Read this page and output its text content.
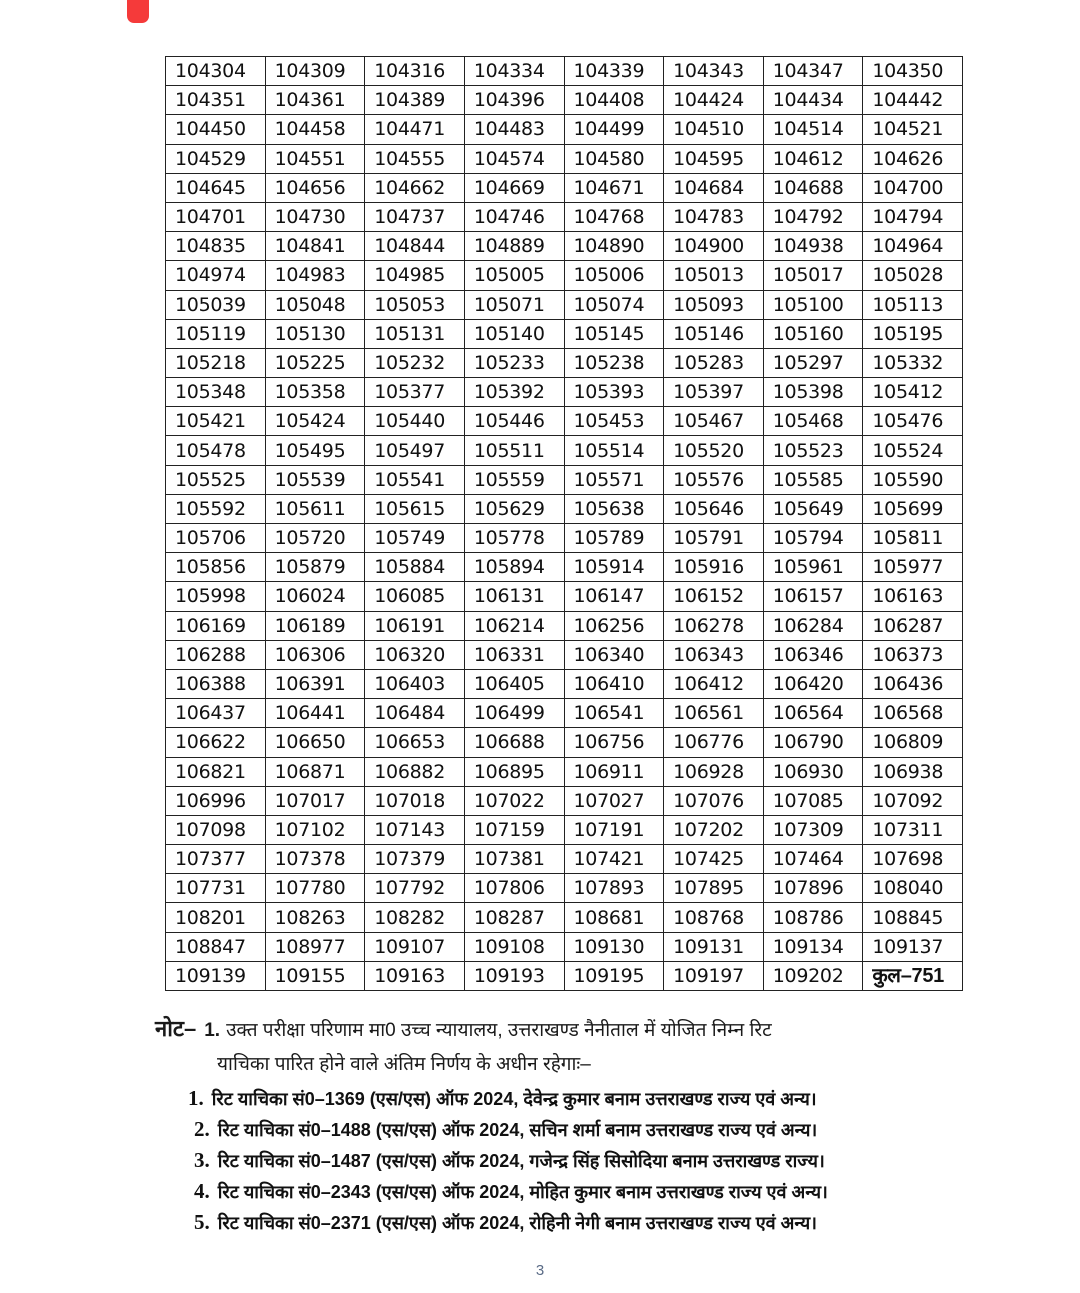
104304	104309	104316	104334	104339	104343	104347	104350
104351	104361	104389	104396	104408	104424	104434	104442
104450	104458	104471	104483	104499	104510	104514	104521
104529	104551	104555	104574	104580	104595	104612	104626
104645	104656	104662	104669	104671	104684	104688	104700
104701	104730	104737	104746	104768	104783	104792	104794
104835	104841	104844	104889	104890	104900	104938	104964
104974	104983	104985	105005	105006	105013	105017	105028
105039	105048	105053	105071	105074	105093	105100	105113
105119	105130	105131	105140	105145	105146	105160	105195
105218	105225	105232	105233	105238	105283	105297	105332
105348	105358	105377	105392	105393	105397	105398	105412
105421	105424	105440	105446	105453	105467	105468	105476
105478	105495	105497	105511	105514	105520	105523	105524
105525	105539	105541	105559	105571	105576	105585	105590
105592	105611	105615	105629	105638	105646	105649	105699
105706	105720	105749	105778	105789	105791	105794	105811
105856	105879	105884	105894	105914	105916	105961	105977
105998	106024	106085	106131	106147	106152	106157	106163
106169	106189	106191	106214	106256	106278	106284	106287
106288	106306	106320	106331	106340	106343	106346	106373
106388	106391	106403	106405	106410	106412	106420	106436
106437	106441	106484	106499	106541	106561	106564	106568
106622	106650	106653	106688	106756	106776	106790	106809
106821	106871	106882	106895	106911	106928	106930	106938
106996	107017	107018	107022	107027	107076	107085	107092
107098	107102	107143	107159	107191	107202	107309	107311
107377	107378	107379	107381	107421	107425	107464	107698
107731	107780	107792	107806	107893	107895	107896	108040
108201	108263	108282	108287	108681	108768	108786	108845
108847	108977	109107	109108	109130	109131	109134	109137
109139	109155	109163	109193	109195	109197	109202	कुल–751
नोट– 1. उक्त परीक्षा परिणाम मा0 उच्च न्यायालय, उत्तराखण्ड नैनीताल में योजित निम्न रिट
याचिका पारित होने वाले अंतिम निर्णय के अधीन रहेगाः–
1. रिट याचिका सं0–1369 (एस/एस) ऑफ 2024, देवेन्द्र कुमार बनाम उत्तराखण्ड राज्य एवं अन्य।
2. रिट याचिका सं0–1488 (एस/एस) ऑफ 2024, सचिन शर्मा बनाम उत्तराखण्ड राज्य एवं अन्य।
3. रिट याचिका सं0–1487 (एस/एस) ऑफ 2024, गजेन्द्र सिंह सिसोदिया बनाम उत्तराखण्ड राज्य।
4. रिट याचिका सं0–2343 (एस/एस) ऑफ 2024, मोहित कुमार बनाम उत्तराखण्ड राज्य एवं अन्य।
5. रिट याचिका सं0–2371 (एस/एस) ऑफ 2024, रोहिनी नेगी बनाम उत्तराखण्ड राज्य एवं अन्य।
3
